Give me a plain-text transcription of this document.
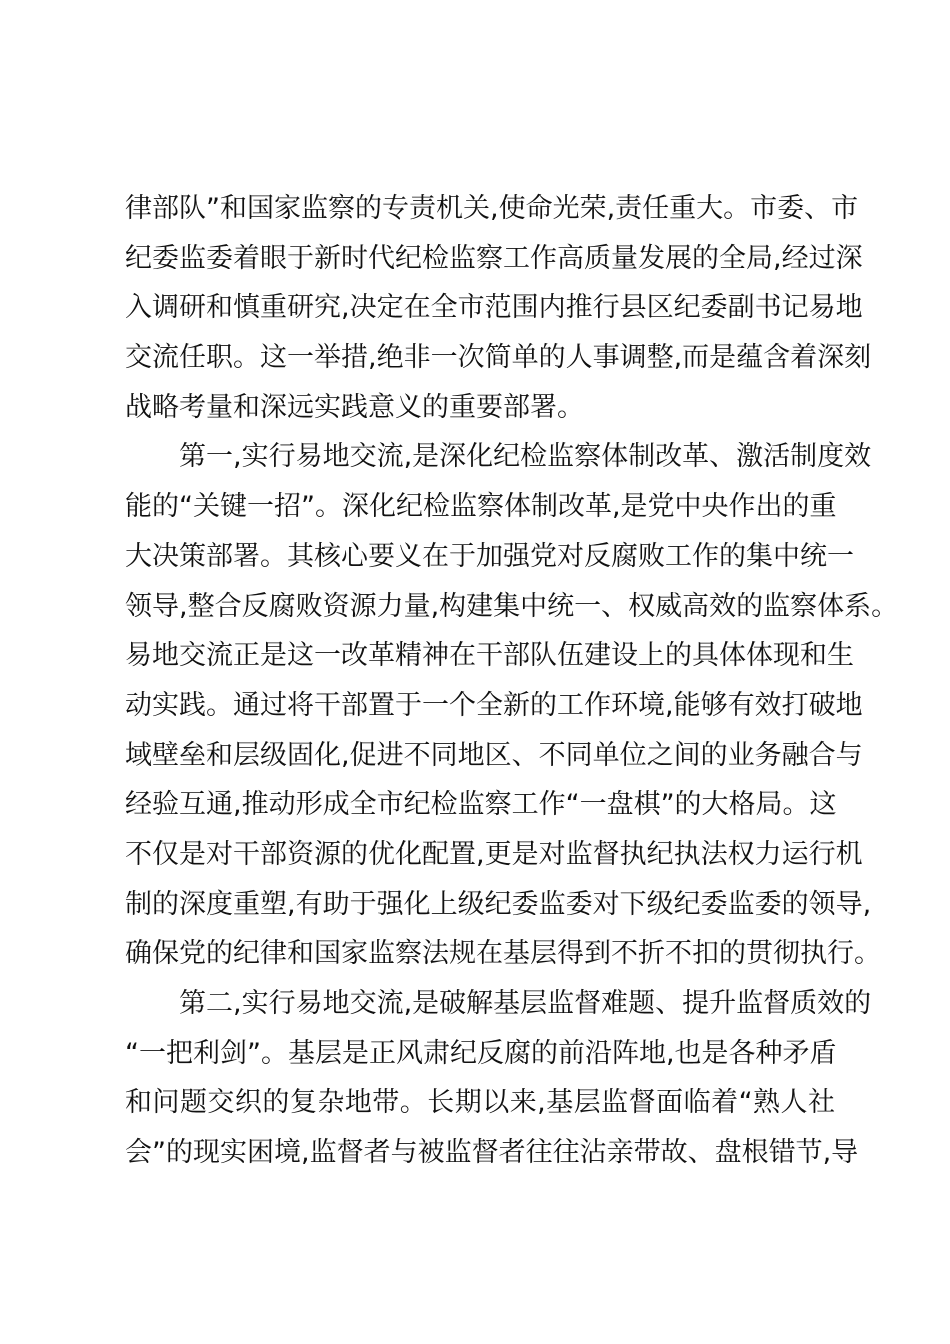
律部队”和国家监察的专责机关,使命光荣,责任重大。市委、市
纪委监委着眼于新时代纪检监察工作高质量发展的全局,经过深
入调研和慎重研究,决定在全市范围内推行县区纪委副书记易地
交流任职。这一举措,绝非一次简单的人事调整,而是蕴含着深刻
战略考量和深远实践意义的重要部署。
第一,实行易地交流,是深化纪检监察体制改革、激活制度效
能的“关键一招”。深化纪检监察体制改革,是党中央作出的重
大决策部署。其核心要义在于加强党对反腐败工作的集中统一
领导,整合反腐败资源力量,构建集中统一、权威高效的监察体系。
易地交流正是这一改革精神在干部队伍建设上的具体体现和生
动实践。通过将干部置于一个全新的工作环境,能够有效打破地
域壁垒和层级固化,促进不同地区、不同单位之间的业务融合与
经验互通,推动形成全市纪检监察工作“一盘棋”的大格局。这
不仅是对干部资源的优化配置,更是对监督执纪执法权力运行机
制的深度重塑,有助于强化上级纪委监委对下级纪委监委的领导,
确保党的纪律和国家监察法规在基层得到不折不扣的贯彻执行。
第二,实行易地交流,是破解基层监督难题、提升监督质效的
“一把利剑”。基层是正风肃纪反腐的前沿阵地,也是各种矛盾
和问题交织的复杂地带。长期以来,基层监督面临着“熟人社
会”的现实困境,监督者与被监督者往往沾亲带故、盘根错节,导
